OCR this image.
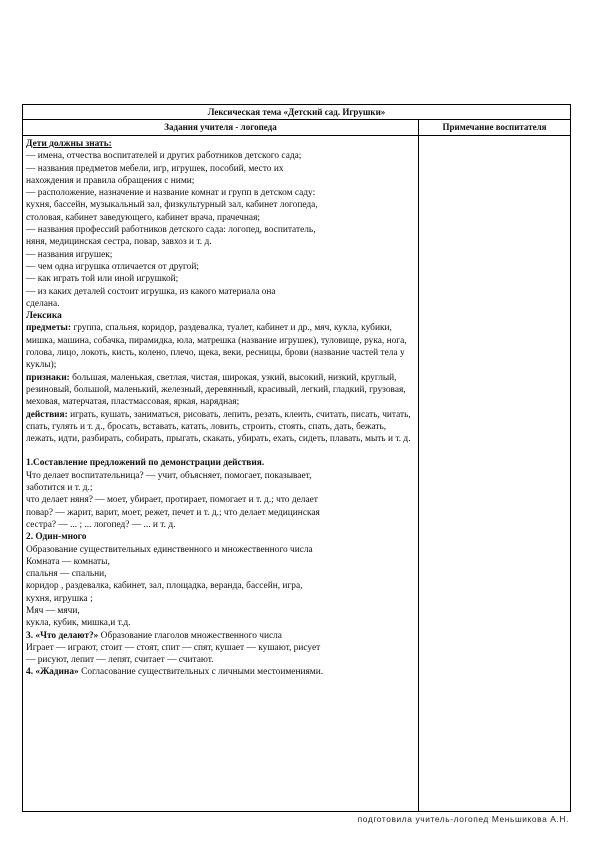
Лексическая тема «Детский сад. Игрушки»
Задания учителя - логопеда	Примечание воспитателя

Дети должны знать:

— имена, отчества воспитателей и других работников детского сада;

— названия предметов мебели, игр, игрушек, пособий, место их

нахождения и правила обращения с ними;

— расположение, назначение и название комнат и групп в детском саду:

кухня, бассейн, музыкальный зал, физкультурный зал, кабинет логопеда,

столовая, кабинет заведующего, кабинет врача, прачечная;

— названия профессий работников детского сада: логопед, воспитатель,

няня, медицинская сестра, повар, завхоз и т. д.

— названия игрушек;

— чем одна игрушка отличается от другой;

— как играть той или иной игрушкой;

— из каких деталей состоит игрушка, из какого материала она

сделана.

Лексика

предметы: группа, спальня, коридор, раздевалка, туалет, кабинет и др., мяч, кукла, кубики, мишка, машина, собачка, пирамидка, юла, матрешка (название игрушек), туловище, рука, нога, голова, лицо, локоть, кисть, колено, плечо, щека, веки, ресницы, брови (название частей тела у куклы);

признаки: большая, маленькая, светлая, чистая, широкая, узкий, высокий, низкий, круглый, резиновый, большой, маленький, железный, деревянный, красивый, легкий, гладкий, грузовая, меховая, матерчатая, пластмассовая, яркая, нарядная;

действия: играть, кушать, заниматься, рисовать, лепить, резать, клеить, считать, писать, читать, спать, гулять и т. д., бросать, вставать, катать, ловить, строить, стоять, спать, дать, бежать, лежать, идти, разбирать, собирать, прыгать, скакать, убирать, ехать, сидеть, плавать, мыть и т. д.

1.Составление предложений по демонстрации действия.

Что делает воспитательница? — учит, объясняет, помогает, показывает,

заботится и т. д.;

что делает няня? — моет, убирает, протирает, помогает и т. д.; что делает

повар? — жарит, варит, моет, режет, печет и т. д.; что делает медицинская

сестра? — ... ; ... логопед? — ... и т. д.

2. Один-много

Образование существительных единственного и множественного числа

Комната — комнаты,

спальня — спальни,

коридор , раздевалка, кабинет, зал, площадка, веранда, бассейн, игра,

кухня, игрушка ;

Мяч — мячи,

кукла, кубик, мишка,и т.д.

3. «Что делают?» Образование глаголов множественного числа

Играет — играют, стоит — стоят, спит — спят, кушает — кушают, рисует

— рисуют, лепит — лепят, считает — считают.

4. «Жадина» Согласование существительных с личными местоимениями.

подготовила учитель-логопед Меньшикова А.Н.
